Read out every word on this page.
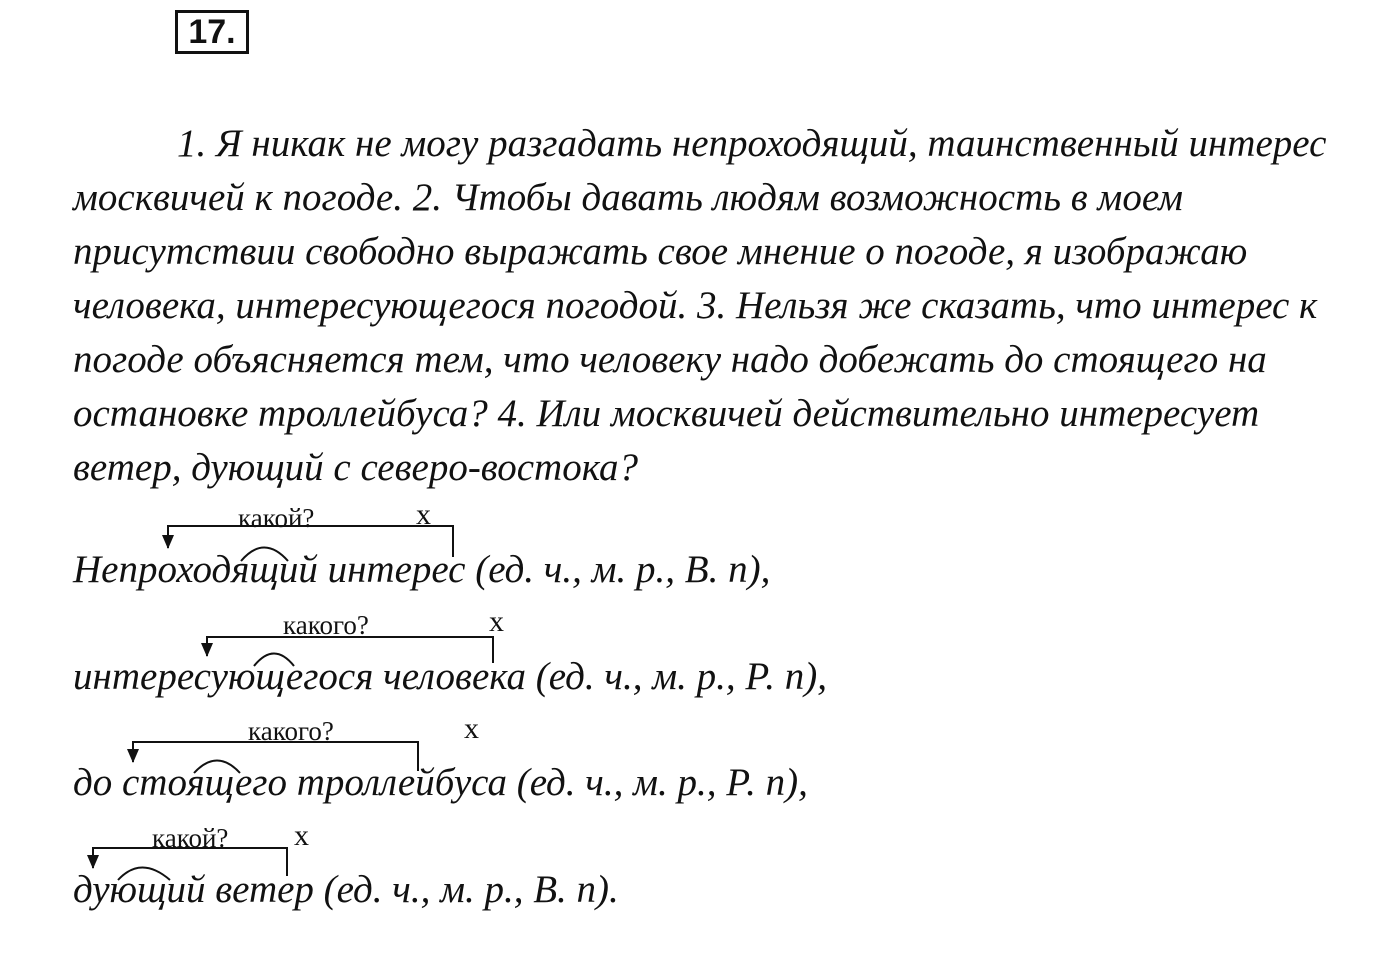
17.

1. Я никак не могу разгадать непроходящий, таинственный интерес москвичей к погоде. 2. Чтобы давать людям возможность в моем присутствии свободно выражать свое мнение о погоде, я изображаю человека, интересующегося погодой. 3. Нельзя же сказать, что интерес к погоде объясняется тем, что человеку надо добежать до стоящего на остановке троллейбуса? 4. Или москвичей действительно интересует ветер, дующий с северо-востока?

какой?	x
Непроходящий интерес (ед. ч., м. р., В. п),
какого?	x
интересующегося человека (ед. ч., м. р., Р. п),
какого?	x
до стоящего троллейбуса (ед. ч., м. р., Р. п),
какой? x
дующий ветер (ед. ч., м. р., В. п).
